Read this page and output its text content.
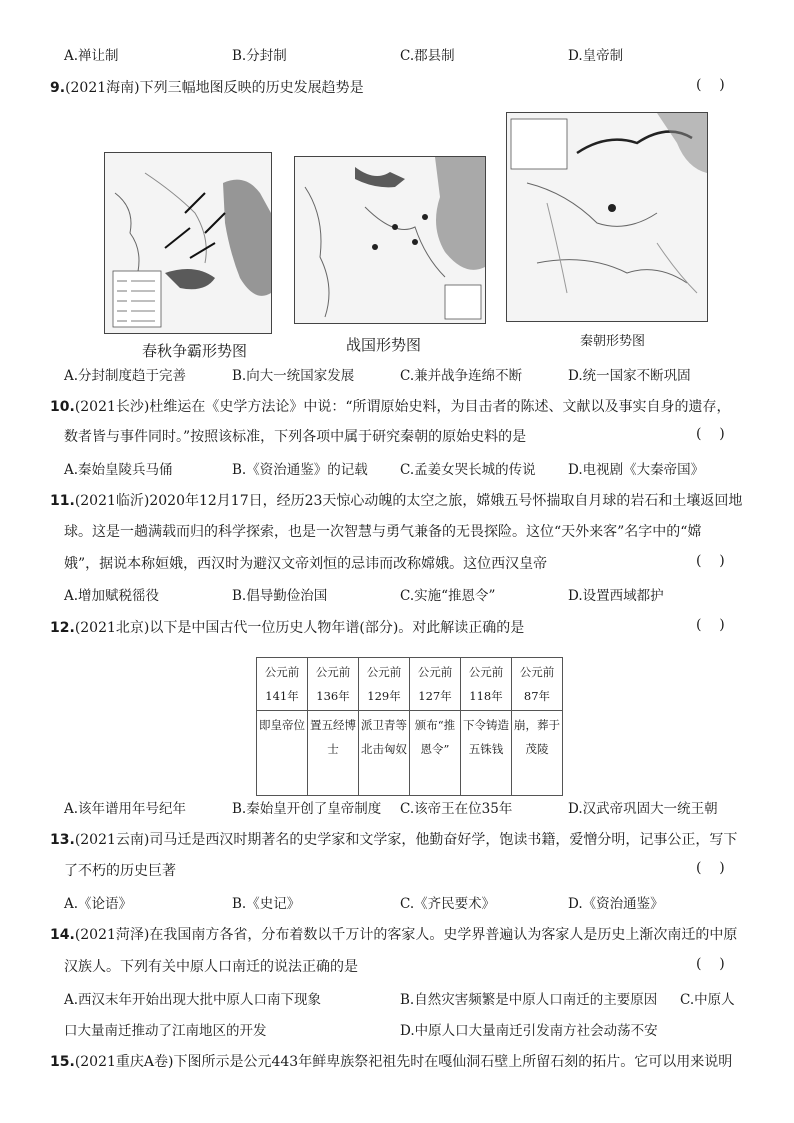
A.禅让制	B.分封制	C.郡县制	D.皇帝制
9.(2021海南)下列三幅地图反映的历史发展趋势是	(    )
春秋争霸形势图	战国形势图	秦朝形势图
A.分封制度趋于完善	B.向大一统国家发展	C.兼并战争连绵不断	D.统一国家不断巩固
10.(2021长沙)杜维运在《史学方法论》中说：“所谓原始史料，为目击者的陈述、文献以及事实自身的遗存，
数者皆与事件同时。”按照该标准，下列各项中属于研究秦朝的原始史料的是	(    )
A.秦始皇陵兵马俑	B.《资治通鉴》的记载 C.孟姜女哭长城的传说 D.电视剧《大秦帝国》
11.(2021临沂)2020年12月17日，经历23天惊心动魄的太空之旅，嫦娥五号怀揣取自月球的岩石和土壤返回地
球。这是一趟满载而归的科学探索，也是一次智慧与勇气兼备的无畏探险。这位“天外来客”名字中的“嫦
娥”，据说本称姮娥，西汉时为避汉文帝刘恒的忌讳而改称嫦娥。这位西汉皇帝	(    )
A.增加赋税徭役	B.倡导勤俭治国	C.实施“推恩令”	D.设置西域都护
12.(2021北京)以下是中国古代一位历史人物年谱(部分)。对此解读正确的是	(    )
公元前141年	公元前136年	公元前129年	公元前127年	公元前118年	公元前87年
即皇帝位	置五经博士	派卫青等北击匈奴	颁布“推恩令”	下令铸造五铢钱	崩，葬于茂陵
A.该年谱用年号纪年	B.秦始皇开创了皇帝制度 C.该帝王在位35年	D.汉武帝巩固大一统王朝
13.(2021云南)司马迁是西汉时期著名的史学家和文学家，他勤奋好学，饱读书籍，爱憎分明，记事公正，写下
了不朽的历史巨著	(    )
A.《论语》	B.《史记》	C.《齐民要术》	D.《资治通鉴》
14.(2021菏泽)在我国南方各省，分布着数以千万计的客家人。史学界普遍认为客家人是历史上渐次南迁的中原
汉族人。下列有关中原人口南迁的说法正确的是	(    )
A.西汉末年开始出现大批中原人口南下现象	B.自然灾害频繁是中原人口南迁的主要原因 C.中原人
口大量南迁推动了江南地区的开发	D.中原人口大量南迁引发南方社会动荡不安
15.(2021重庆A卷)下图所示是公元443年鲜卑族祭祀祖先时在嘎仙洞石壁上所留石刻的拓片。它可以用来说明
